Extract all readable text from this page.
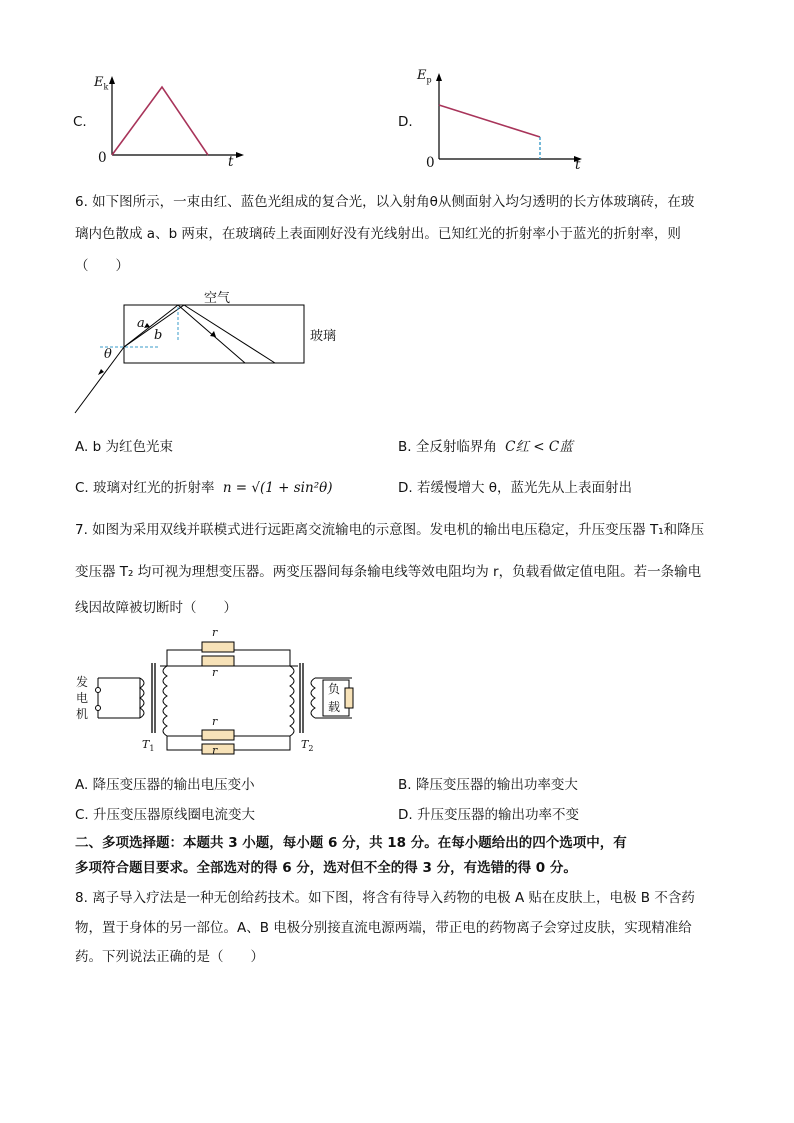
C.
$E_k$
0	t
D.
$E_p$
0	t
6. 如下图所示，一束由红、蓝色光组成的复合光，以入射角θ从侧面射入均匀透明的长方体玻璃砖，在玻
璃内色散成 a、b 两束，在玻璃砖上表面刚好没有光线射出。已知红光的折射率小于蓝光的折射率，则
（　　）
空气
玻璃
a
b
θ
A. b 为红色光束	B. 全反射临界角 C红 < C蓝
C. 玻璃对红光的折射率 n = √(1 + sin²θ)	D. 若缓慢增大 θ，蓝光先从上表面射出
7. 如图为采用双线并联模式进行远距离交流输电的示意图。发电机的输出电压稳定，升压变压器 T₁和降压
变压器 T₂ 均可视为理想变压器。两变压器间每条输电线等效电阻均为 r，负载看做定值电阻。若一条输电
线因故障被切断时（　　）
r
r
r
r
发
电
机
负
载
$T_1$	$T_2$
A. 降压变压器的输出电压变小	B. 降压变压器的输出功率变大
C. 升压变压器原线圈电流变大	D. 升压变压器的输出功率不变
二、多项选择题：本题共 3 小题，每小题 6 分，共 18 分。在每小题给出的四个选项中，有
多项符合题目要求。全部选对的得 6 分，选对但不全的得 3 分，有选错的得 0 分。
8. 离子导入疗法是一种无创给药技术。如下图，将含有待导入药物的电极 A 贴在皮肤上，电极 B 不含药
物，置于身体的另一部位。A、B 电极分别接直流电源两端，带正电的药物离子会穿过皮肤，实现精准给
药。下列说法正确的是（　　）
